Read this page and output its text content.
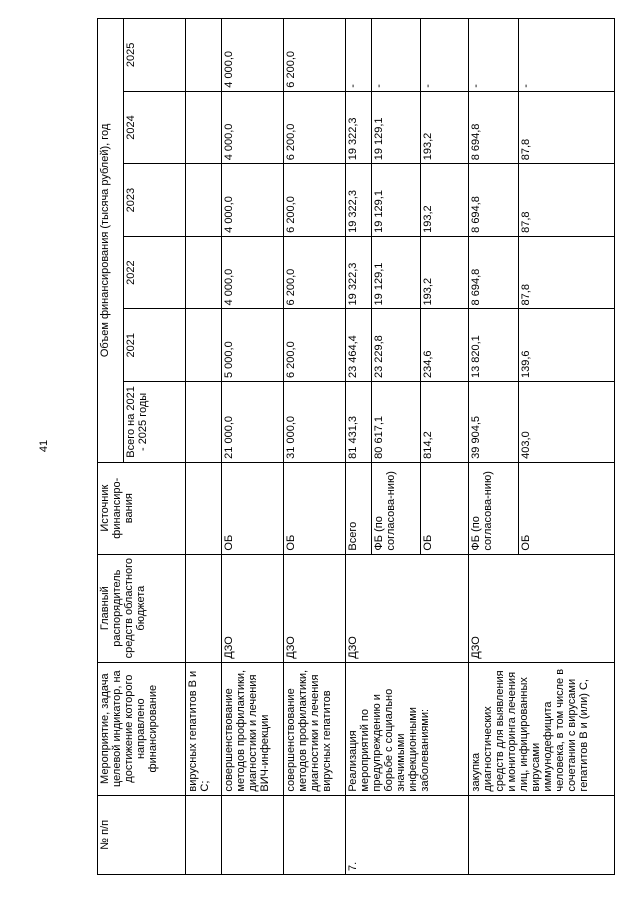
41
№ п/п	Мероприятие, задача целевой индикатор, на достижение которого направлено финансирование	Главный распорядитель средств областного бюджета	Источник финансиро-вания	Объем финансирования (тысяча рублей), год					
				Всего на 2021 - 2025 годы	2021	2022	2023	2024	2025
	вирусных гепатитов В и С;								
	совершенствование методов профилактики, диагностики и лечения ВИЧ-инфекции	ДЗО	ОБ	21 000,0	5 000,0	4 000,0	4 000,0	4 000,0	4 000,0
	совершенствование методов профилактики, диагностики и лечения вирусных гепатитов	ДЗО	ОБ	31 000,0	6 200,0	6 200,0	6 200,0	6 200,0	6 200,0
7.	Реализация мероприятий по предупреждению и борьбе с социально значимыми инфекционными заболеваниями:	ДЗО	Всего	81 431,3	23 464,4	19 322,3	19 322,3	19 322,3	-
			ФБ (по согласова-нию)	80 617,1	23 229,8	19 129,1	19 129,1	19 129,1	-
			ОБ	814,2	234,6	193,2	193,2	193,2	-
	закупка диагностических средств для выявления и мониторинга лечения лиц, инфицированных вирусами иммунодефицита человека, в том числе в сочетании с вирусами гепатитов В и (или) С,	ДЗО	ФБ (по согласова-нию)	39 904,5	13 820,1	8 694,8	8 694,8	8 694,8	-
			ОБ	403,0	139,6	87,8	87,8	87,8	-
